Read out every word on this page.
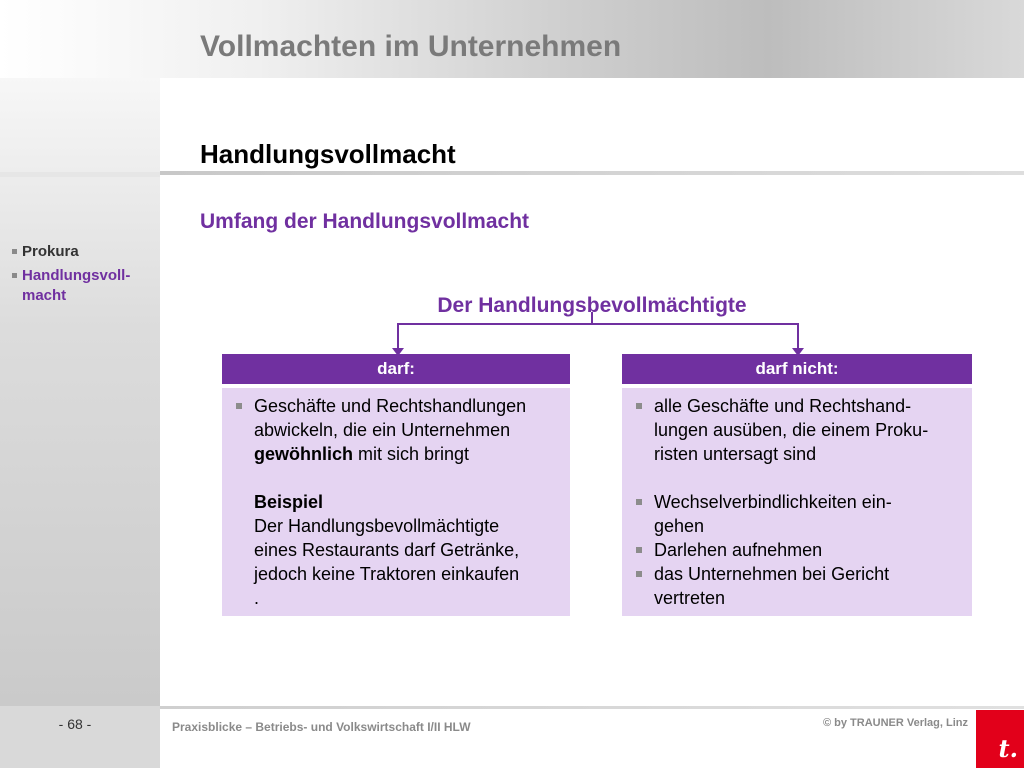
Vollmachten im Unternehmen
Prokura
Handlungsvoll-
macht
Handlungsvollmacht
Umfang der Handlungsvollmacht
Der Handlungsbevollmächtigte
darf:
Geschäfte und Rechtshandlungen
abwickeln, die ein Unternehmen
gewöhnlich mit sich bringt
Beispiel
Der Handlungsbevollmächtigte
eines Restaurants darf Getränke,
jedoch keine Traktoren einkaufen
.
darf nicht:
alle Geschäfte und Rechtshand-
lungen ausüben, die einem Proku-
risten untersagt sind
Wechselverbindlichkeiten ein-
gehen
Darlehen aufnehmen
das Unternehmen bei Gericht
vertreten
- 68 -	Praxisblicke – Betriebs- und Volkswirtschaft I/II HLW	© by TRAUNER Verlag, Linz
t.
